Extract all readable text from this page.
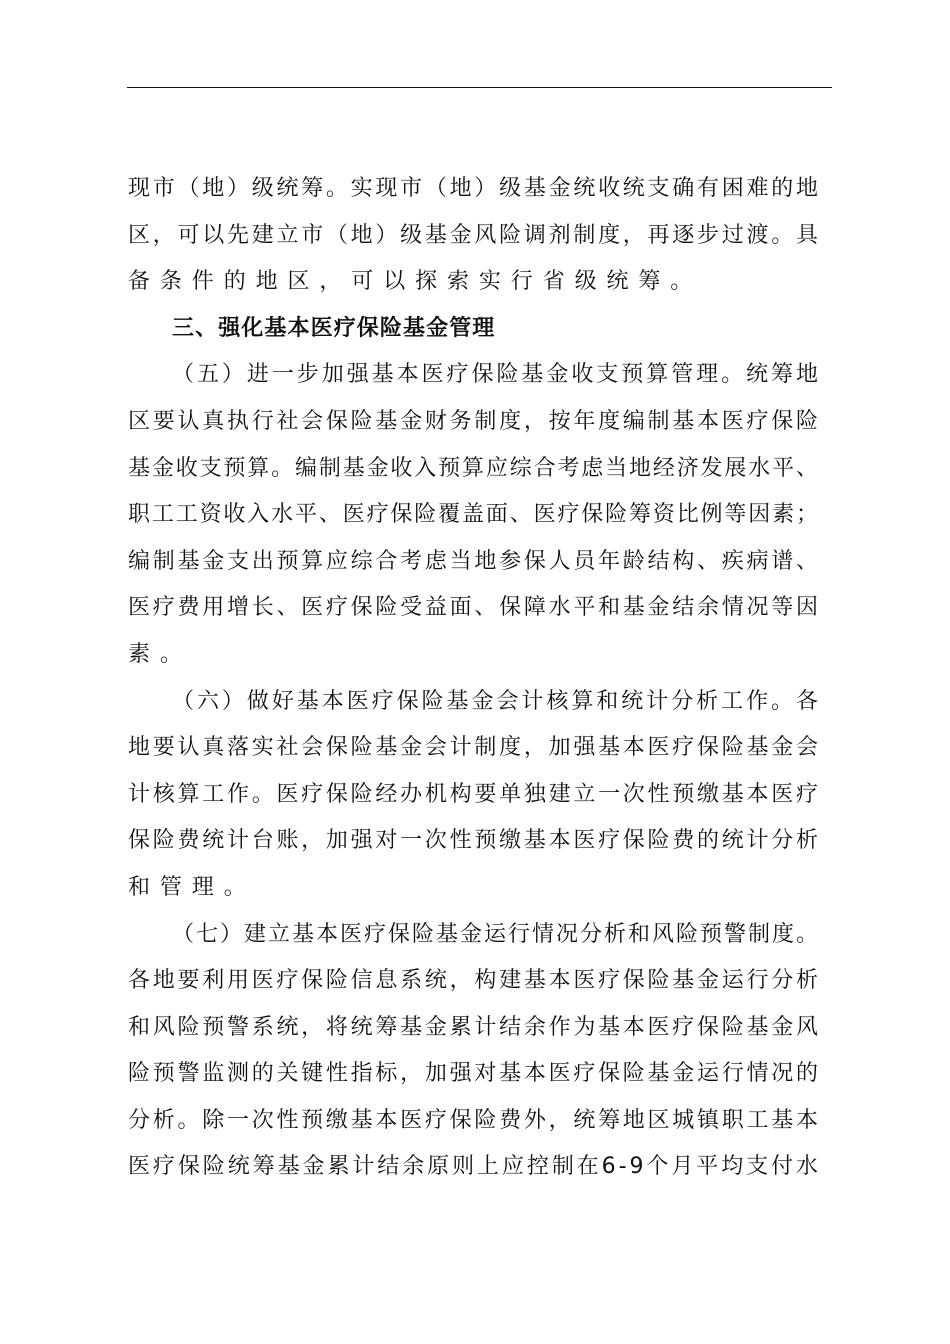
现市（地）级统筹。实现市（地）级基金统收统支确有困难的地
区，可以先建立市（地）级基金风险调剂制度，再逐步过渡。具
备条件的地区，可以探索实行省级统筹。
三、强化基本医疗保险基金管理
（五）进一步加强基本医疗保险基金收支预算管理。统筹地
区要认真执行社会保险基金财务制度，按年度编制基本医疗保险
基金收支预算。编制基金收入预算应综合考虑当地经济发展水平、
职工工资收入水平、医疗保险覆盖面、医疗保险筹资比例等因素；
编制基金支出预算应综合考虑当地参保人员年龄结构、疾病谱、
医疗费用增长、医疗保险受益面、保障水平和基金结余情况等因
素。
（六）做好基本医疗保险基金会计核算和统计分析工作。各
地要认真落实社会保险基金会计制度，加强基本医疗保险基金会
计核算工作。医疗保险经办机构要单独建立一次性预缴基本医疗
保险费统计台账，加强对一次性预缴基本医疗保险费的统计分析
和管理。
（七）建立基本医疗保险基金运行情况分析和风险预警制度。
各地要利用医疗保险信息系统，构建基本医疗保险基金运行分析
和风险预警系统，将统筹基金累计结余作为基本医疗保险基金风
险预警监测的关键性指标，加强对基本医疗保险基金运行情况的
分析。除一次性预缴基本医疗保险费外，统筹地区城镇职工基本
医疗保险统筹基金累计结余原则上应控制在6-9个月平均支付水
